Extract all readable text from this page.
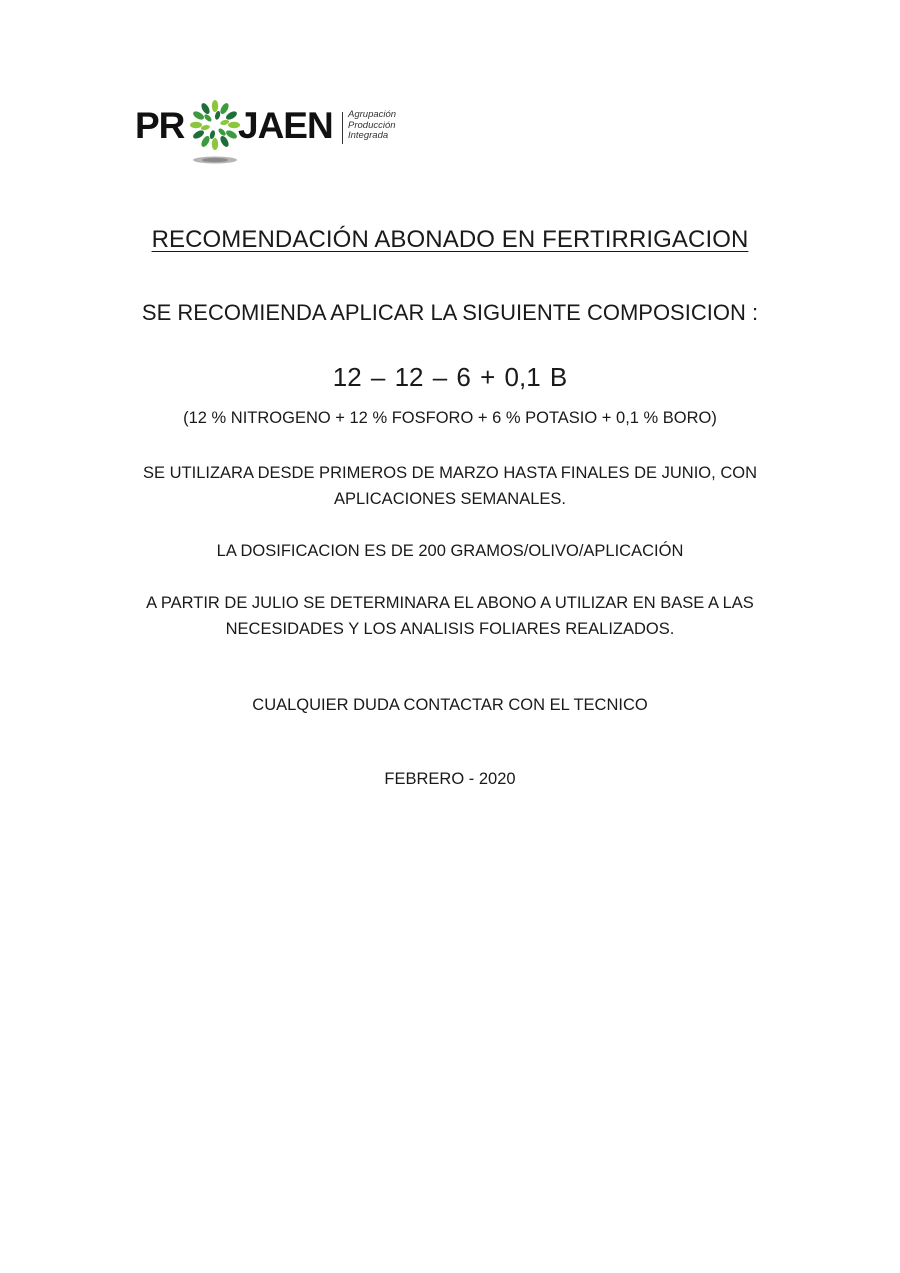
PR JAEN Agrupación
Producción
Integrada
RECOMENDACIÓN ABONADO EN FERTIRRIGACION
SE RECOMIENDA APLICAR LA SIGUIENTE COMPOSICION :
12 – 12 – 6 + 0,1 B
(12 % NITROGENO + 12 % FOSFORO + 6 % POTASIO + 0,1 % BORO)
SE UTILIZARA DESDE PRIMEROS DE MARZO HASTA FINALES DE JUNIO, CON
APLICACIONES SEMANALES.
LA DOSIFICACION ES DE 200 GRAMOS/OLIVO/APLICACIÓN
A PARTIR DE JULIO SE DETERMINARA EL ABONO A UTILIZAR EN BASE A LAS
NECESIDADES Y LOS ANALISIS FOLIARES REALIZADOS.
CUALQUIER DUDA CONTACTAR CON EL TECNICO
FEBRERO - 2020
